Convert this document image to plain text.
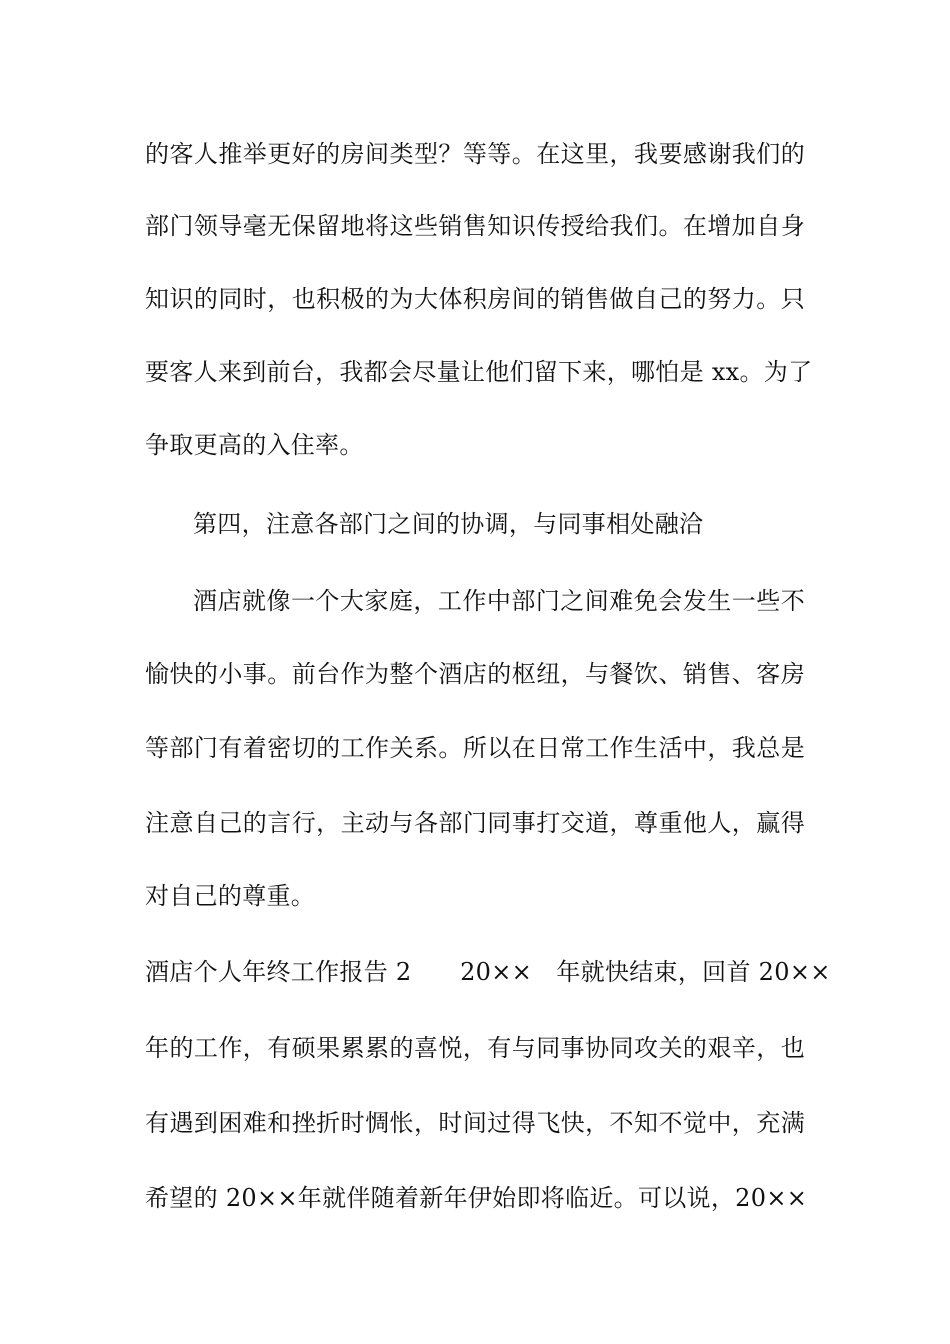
的客人推举更好的房间类型？等等。在这里，我要感谢我们的
部门领导毫无保留地将这些销售知识传授给我们。在增加自身
知识的同时，也积极的为大体积房间的销售做自己的努力。只
要客人来到前台，我都会尽量让他们留下来，哪怕是 xx。为了
争取更高的入住率。
第四，注意各部门之间的协调，与同事相处融洽
酒店就像一个大家庭，工作中部门之间难免会发生一些不
愉快的小事。前台作为整个酒店的枢纽，与餐饮、销售、客房
等部门有着密切的工作关系。所以在日常工作生活中，我总是
注意自己的言行，主动与各部门同事打交道，尊重他人，赢得
对自己的尊重。
酒店个人年终工作报告 2　　20××　年就快结束，回首 20××
年的工作，有硕果累累的喜悦，有与同事协同攻关的艰辛，也
有遇到困难和挫折时惆怅，时间过得飞快，不知不觉中，充满
希望的 20××年就伴随着新年伊始即将临近。可以说，20××
